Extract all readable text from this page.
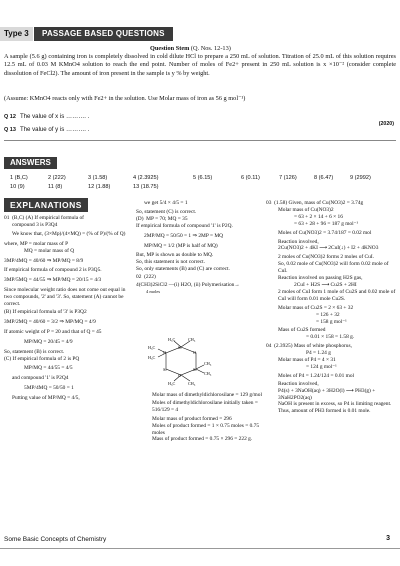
Type 3	PASSAGE BASED QUESTIONS
Question Stem (Q. Nos. 12-13)
A sample (5.6 g) containing iron is completely dissolved in cold dilute HCl to prepare a 250 mL of solution. Titration of 25.0 mL of this solution requires 12.5 mL of 0.03 M KMnO4 solution to reach the end point. Number of moles of Fe2+ present in 250 mL solution is x ×10⁻² (consider complete dissolution of FeCl2). The amount of iron present in the sample is y % by weight.
(Assume: KMnO4 reacts only with Fe2+ in the solution. Use Molar mass of iron as 56 g mol⁻¹)
Q 12 The value of x is ………. .
Q 13 The value of y is ………. .
(2020)
ANSWERS
1 (B,C)	2 (222)	3 (1.58)	4 (2.3925)	5 (6.15)	6 (0.11)	7 (126)	8 (6.47)	9 (2992)
10 (9)	11 (8)	12 (1.88)	13 (18.75)
EXPLANATIONS

01  (B,C) (A) If empirical formula of

compound 3 is P3Q4

We know that, (3×Mp)/(4×MQ) = (% of P)/(% of Q)

where, MP = molar mass of P

MQ = molar mass of Q

3MP/4MQ = 40/60 ⇒ MP/MQ = 8/9

If empirical formula of compound 2 is P3Q5.

3MP/5MQ = 44/55 ⇒ MP/MQ = 20/15 = 4/3

Since molecular weight ratio does not come out equal in two compounds, '2' and '3'. So, statement (A) cannot be correct.

(B) If empirical formula of '3' is P3Q2

3MP/2MQ = 40/60 = 3/2 ⇒ MP/MQ = 4/9

If atomic weight of P = 20 and that of Q = 45

MP/MQ = 20/45 = 4/9

So, statement (B) is correct.

(C) If empirical formula of 2 is PQ

MP/MQ = 44/55 = 4/5

and compound '1' is P2Q4

5MP/4MQ = 50/50 = 1

Putting value of MP/MQ = 4/5,

we get 5/4 × 4/5 = 1

So, statement (C) is correct.

(D)  MP = 70; MQ = 35

If empirical formula of compound '1' is P2Q.

2MP/MQ = 50/50 = 1 ⇒ 2MP = MQ

MP/MQ = 1/2 (MP is half of MQ)

But, MP is shown as double to MQ.

So, this statement is not correct.

So, only statements (B) and (C) are correct.

02  (222)

4(CH3)2SiCl2 —(i) H2O, (ii) Polymerisation→

4 moles

Si
O
Si
O
Si
O
H₃C	CH₃
H₃C
H₃C
CH₃
CH₃
H₃C	CH₃

Molar mass of dimethyldichlorosilane = 129 g/mol

Moles of dimethyldichlorosilane initially taken = 516/129 = 4

Molar mass of product formed = 296

Moles of product formed = 1 × 0.75 moles = 0.75 moles

Mass of product formed = 0.75 × 296 = 222 g.

03  (1.58) Given, mass of Cu(NO3)2 = 3.74g

Molar mass of Cu(NO3)2

= 63 + 2 × 14 + 6 × 16

= 63 + 28 + 96 = 187 g mol⁻¹

Moles of Cu(NO3)2 = 3.74/187 = 0.02 mol

Reaction involved,

2Cu(NO3)2 + 4KI ⟶ 2CuI(↓) + I2 + 4KNO3

2 moles of Cu(NO3)2 forms 2 moles of CuI.

So, 0.02 mole of Cu(NO3)2 will form 0.02 mole of CuI.

Reaction involved on passing H2S gas,

2CuI + H2S ⟶ Cu2S + 2HI

2 moles of CuI form 1 mole of Cu2S and 0.02 mole of CuI will form 0.01 mole Cu2S.

Molar mass of Cu2S = 2 × 63 + 32

= 126 + 32

= 158 g mol⁻¹

Mass of Cu2S formed

= 0.01 × 158 = 1.58 g.

04  (2.3925) Mass of white phosphorus,

P4 = 1.24 g

Molar mass of P4 = 4 × 31

= 124 g mol⁻¹

Moles of P4 = 1.24/124 = 0.01 mol

Reaction involved,

P4(s) + 3NaOH(aq) + 3H2O(l) ⟶ PH3(g) + 3NaH2PO2(aq)

NaOH is present in excess, so P4 is limiting reagent. Thus, amount of PH3 formed is 0.01 mole.

Some Basic Concepts of Chemistry	3
